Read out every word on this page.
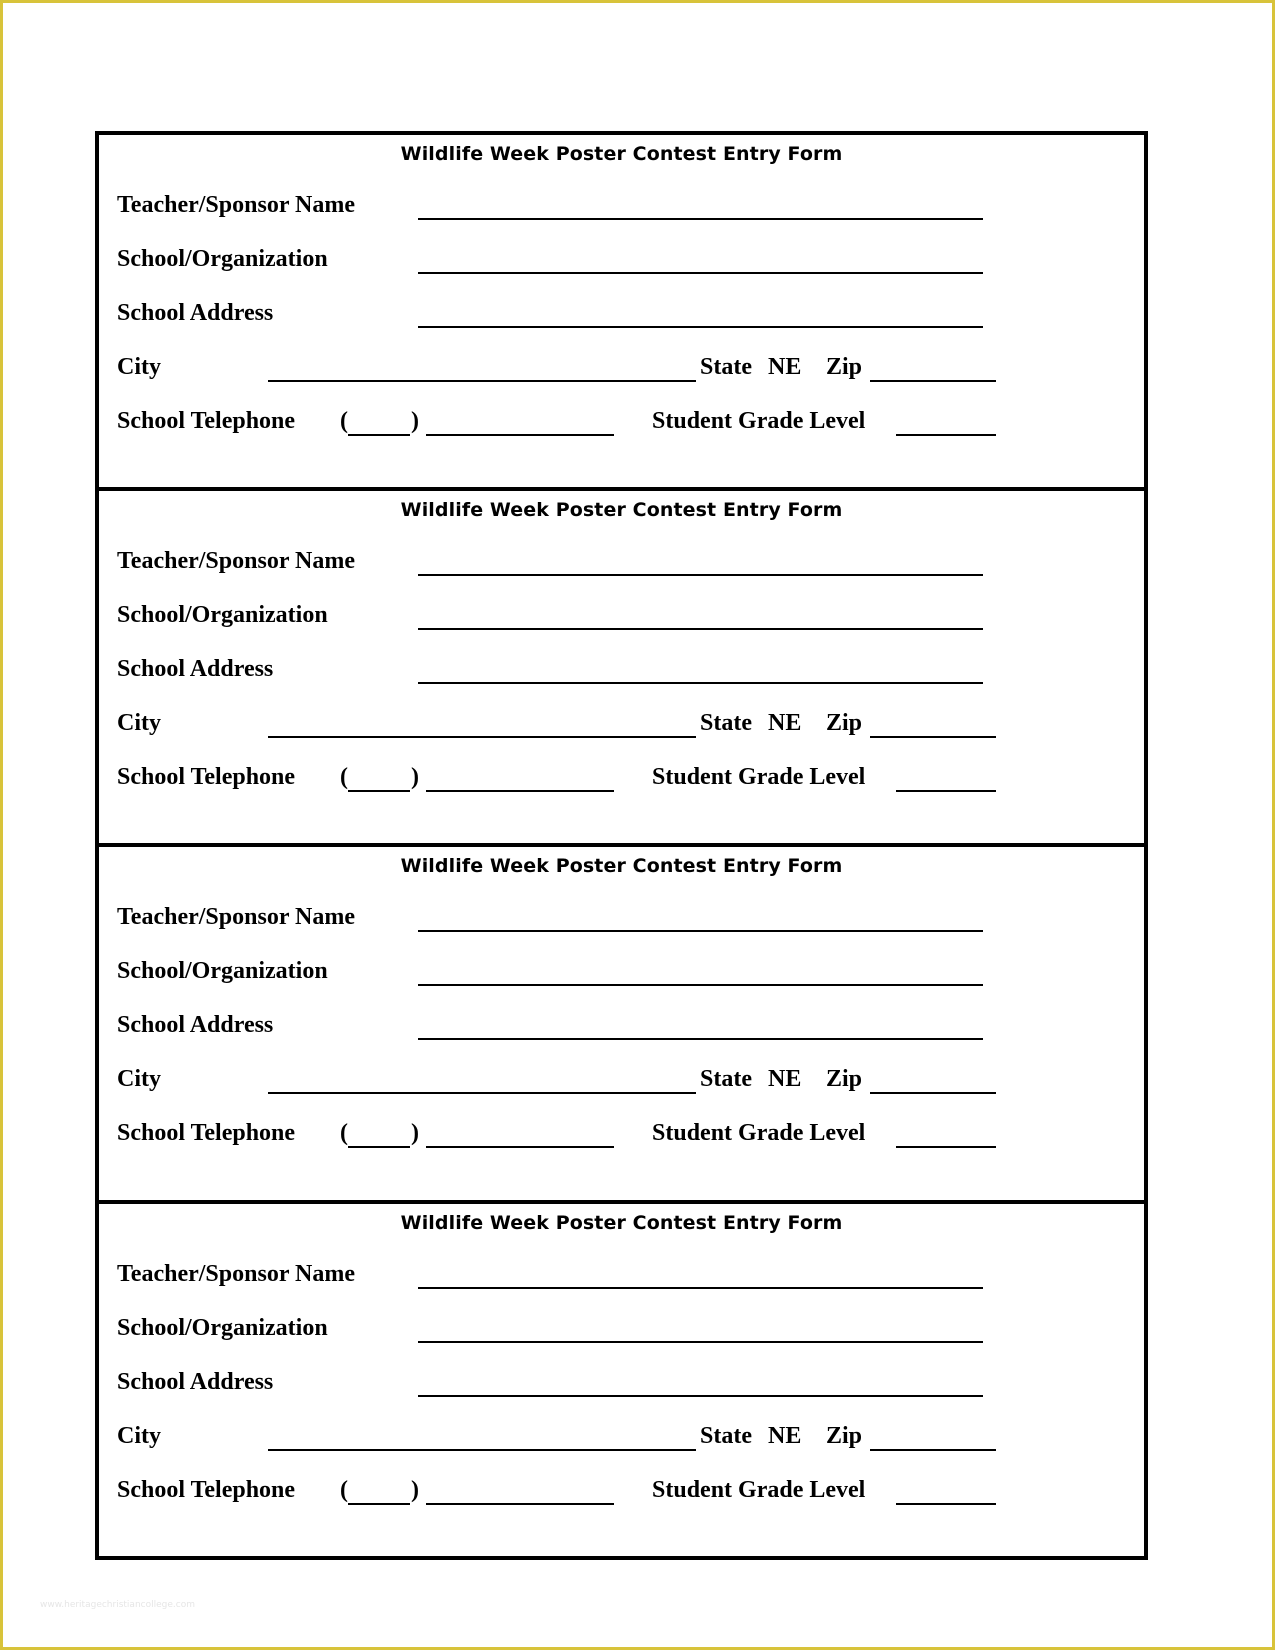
Wildlife Week Poster Contest Entry Form
Teacher/Sponsor Name
School/Organization
School Address
City	State NE Zip
School Telephone (	)	Student Grade Level
Wildlife Week Poster Contest Entry Form
Teacher/Sponsor Name
School/Organization
School Address
City	State NE Zip
School Telephone (	)	Student Grade Level
Wildlife Week Poster Contest Entry Form
Teacher/Sponsor Name
School/Organization
School Address
City	State NE Zip
School Telephone (	)	Student Grade Level
Wildlife Week Poster Contest Entry Form
Teacher/Sponsor Name
School/Organization
School Address
City	State NE Zip
School Telephone (	)	Student Grade Level
www.heritagechristiancollege.com
